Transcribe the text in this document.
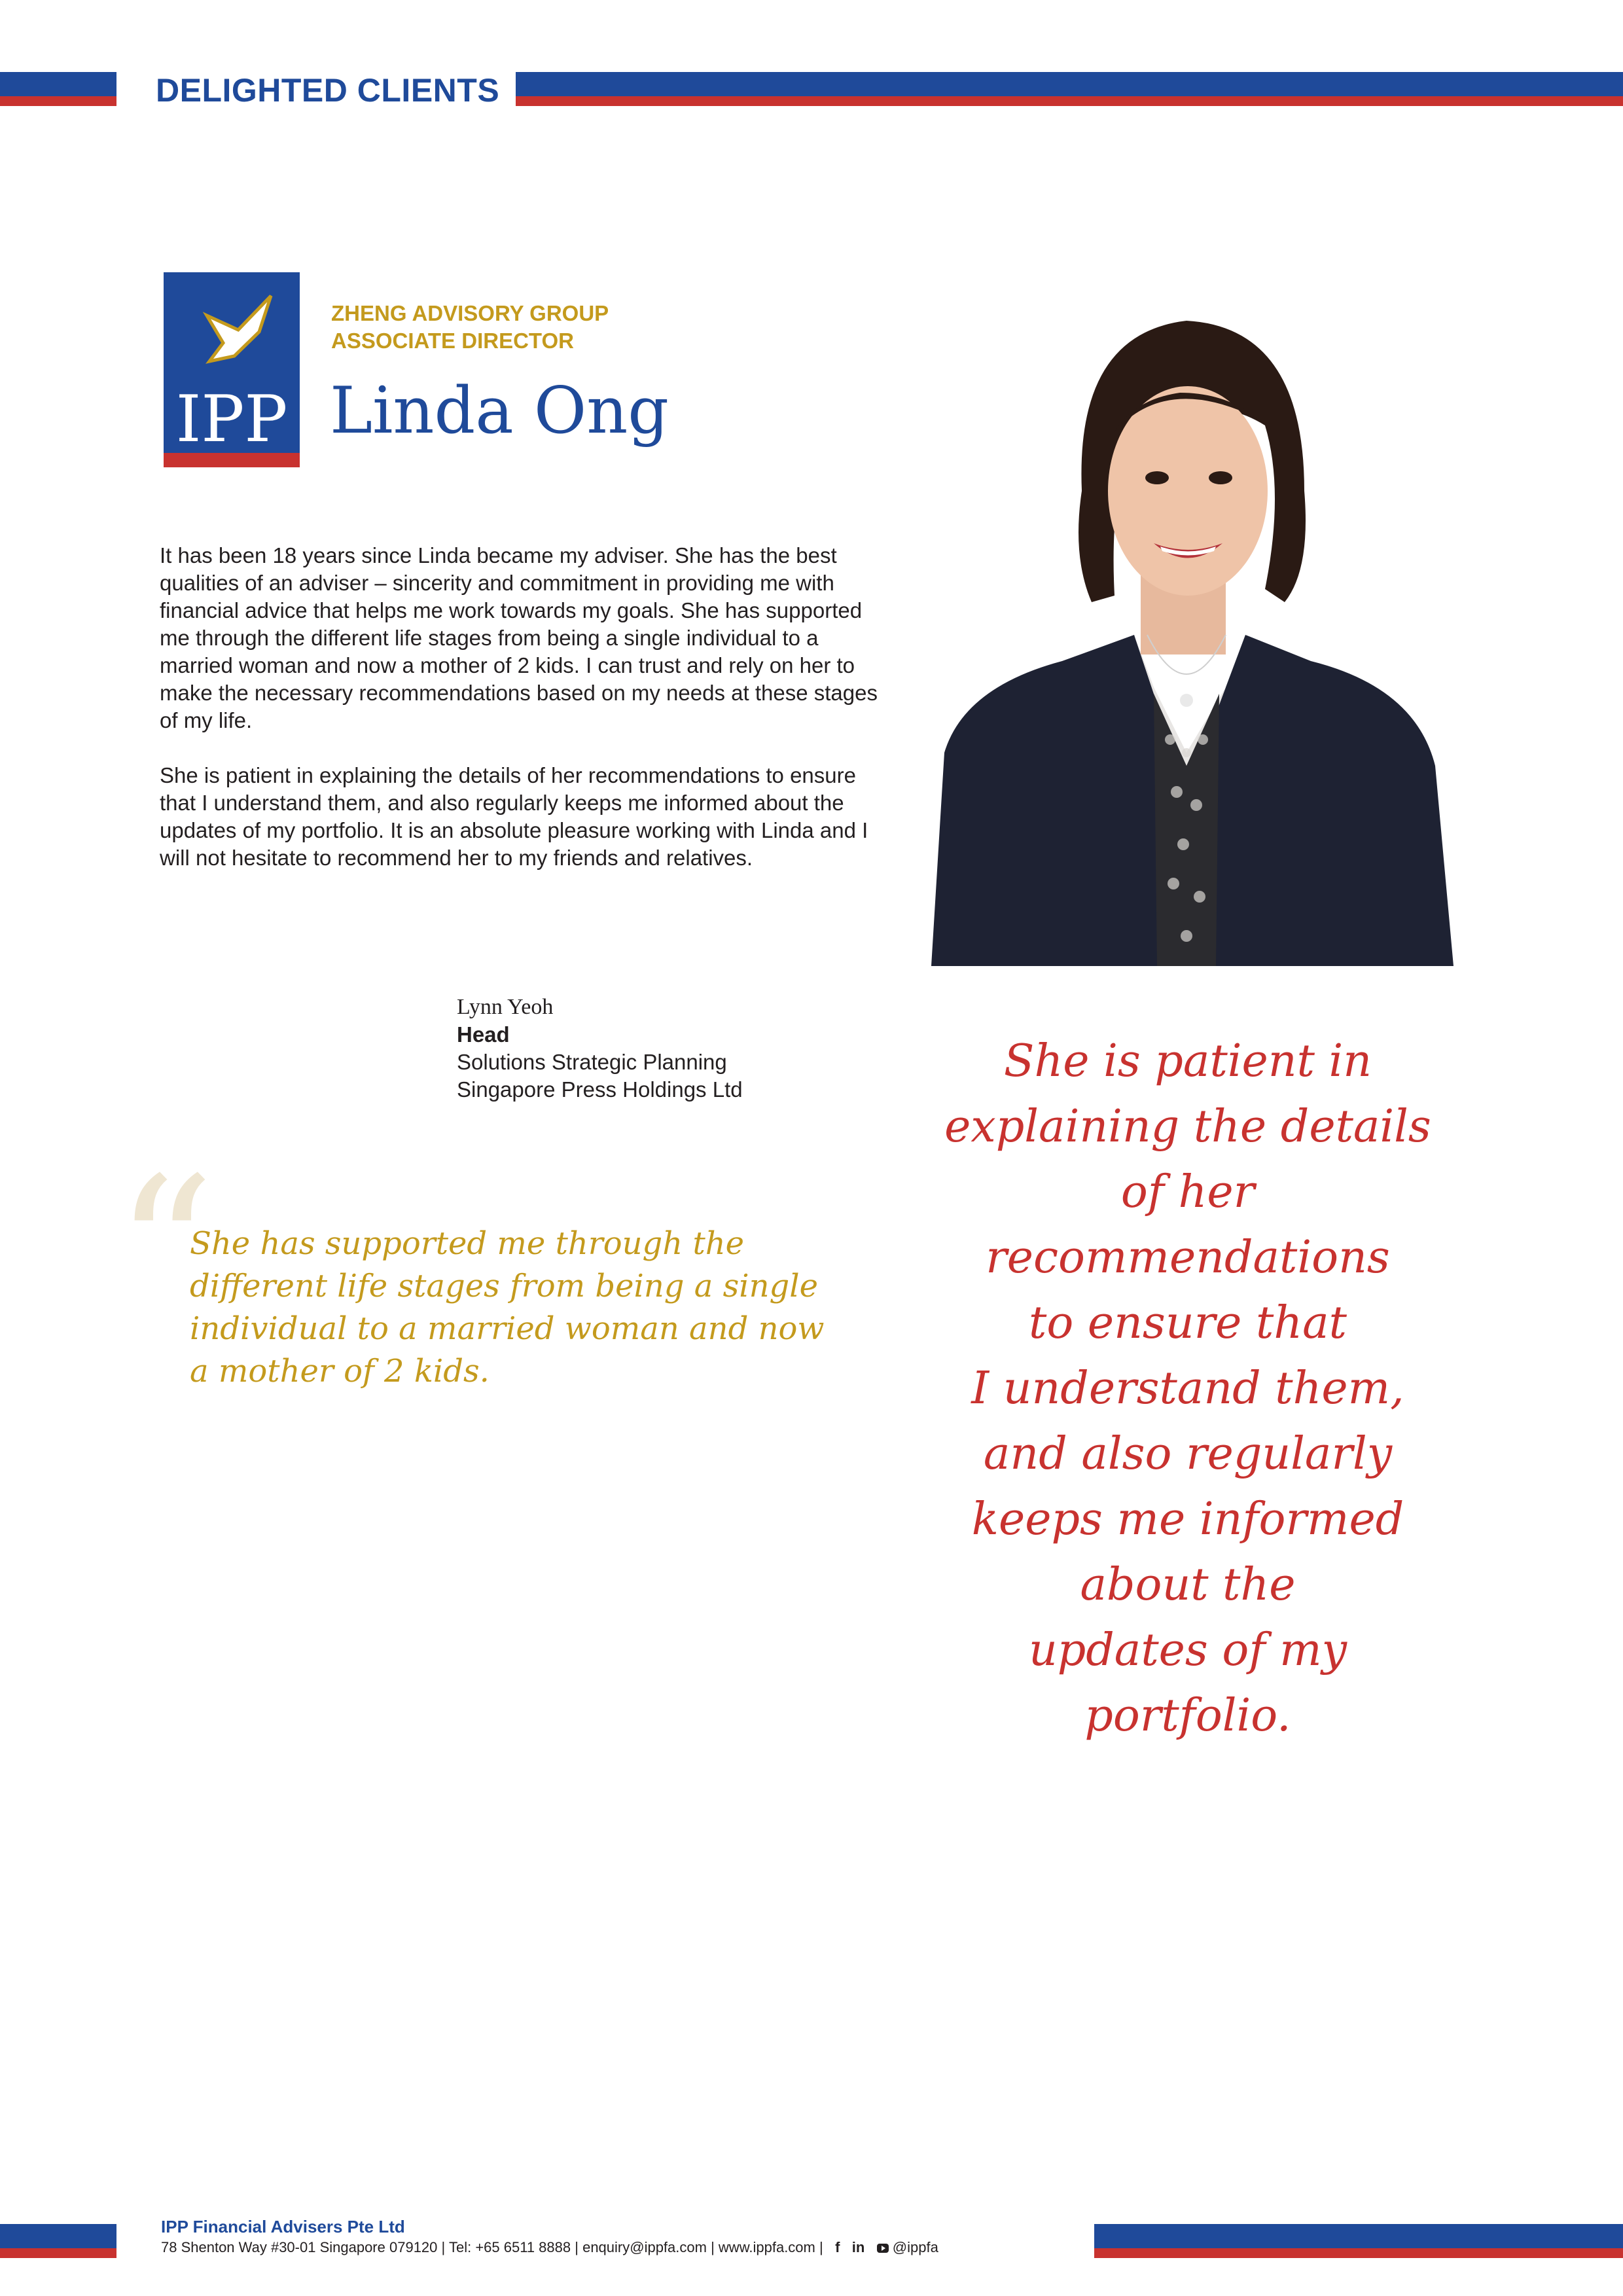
DELIGHTED CLIENTS
IPP
ZHENG ADVISORY GROUP
ASSOCIATE DIRECTOR
Linda Ong

It has been 18 years since Linda became my adviser. She has the best qualities of an adviser – sincerity and commitment in providing me with financial advice that helps me work towards my goals. She has supported me through the different life stages from being a single individual to a married woman and now a mother of 2 kids. I can trust and rely on her to make the necessary recommendations based on my needs at these stages of my life.

She is patient in explaining the details of her recommendations to ensure that I understand them, and also regularly keeps me informed about the updates of my portfolio. It is an absolute pleasure working with Linda and I will not hesitate to recommend her to my friends and relatives.

Lynn Yeoh
Head
Solutions Strategic Planning
Singapore Press Holdings Ltd
“
She has supported me through the different life stages from being a single individual to a married woman and now a mother of 2 kids.
She is patient in
explaining the details
of her
recommendations
to ensure that
I understand them,
and also regularly
keeps me informed
about the
updates of my
portfolio.
IPP Financial Advisers Pte Ltd
78 Shenton Way #30-01 Singapore 079120 | Tel: +65 6511 8888 | enquiry@ippfa.com | www.ippfa.com | f in @ippfa
